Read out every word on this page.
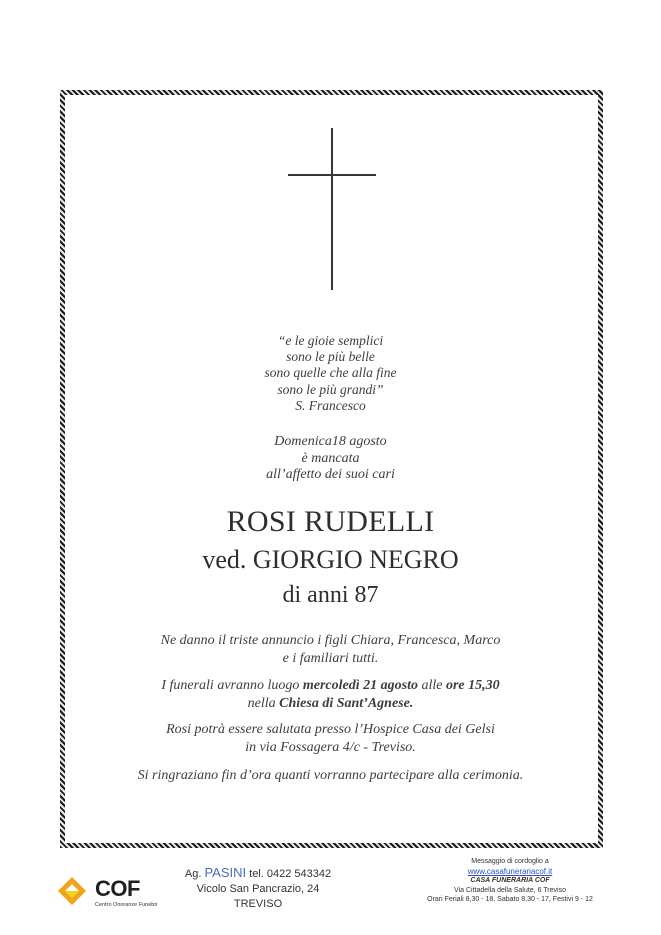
“e le gioie semplici
sono le più belle
sono quelle che alla fine
sono le più grandi”
S. Francesco
Domenica18 agosto
è mancata
all’affetto dei suoi cari
ROSI RUDELLI
ved. GIORGIO NEGRO
di anni 87
Ne danno il triste annuncio i figli Chiara, Francesca, Marco
e i familiari tutti.
I funerali avranno luogo mercoledì 21 agosto alle ore 15,30
nella Chiesa di Sant’Agnese.
Rosi potrà essere salutata presso l’Hospice Casa dei Gelsi
in via Fossagera 4/c - Treviso.
Si ringraziano fin d’ora quanti vorranno partecipare alla cerimonia.
COF
Centro Onoranze Funebri
Ag. PASINI tel. 0422 543342
Vicolo San Pancrazio, 24
TREVISO
Messaggio di cordoglio a
www.casafunerariacof.it
CASA FUNERARIA COF
Via Cittadella della Salute, 6 Treviso
Orari Feriali 8,30 - 18, Sabato 8,30 - 17, Festivi 9 - 12
